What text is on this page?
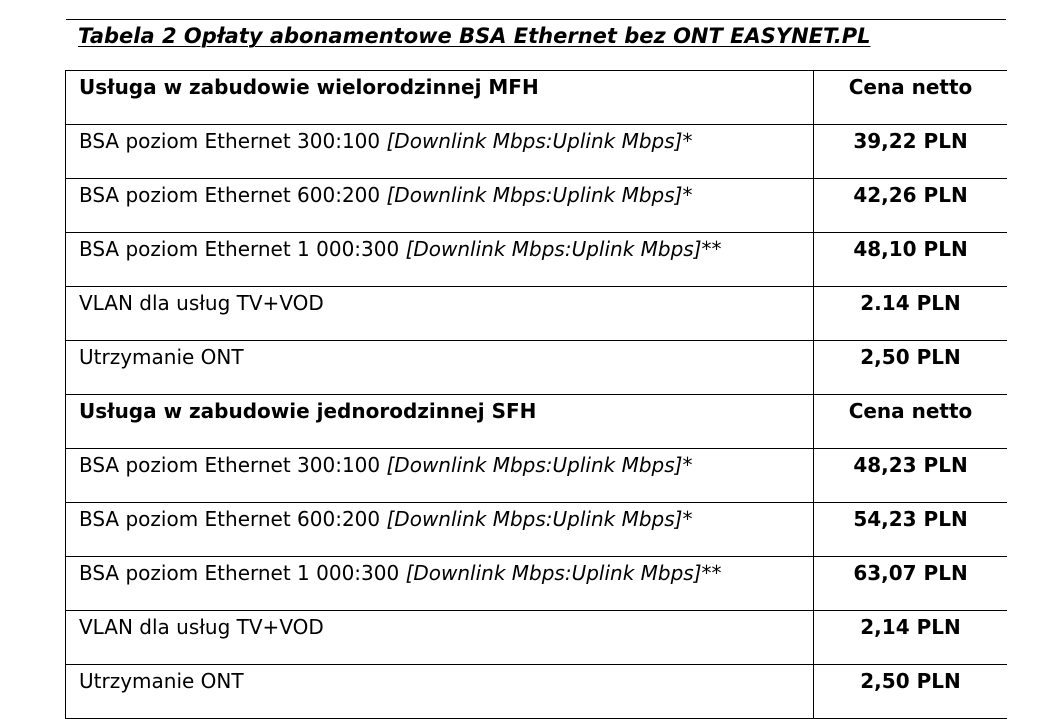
Tabela 2 Opłaty abonamentowe BSA Ethernet bez ONT EASYNET.PL
Usługa w zabudowie wielorodzinnej MFH	Cena netto
BSA poziom Ethernet 300:100 [Downlink Mbps:Uplink Mbps]*	39,22 PLN
BSA poziom Ethernet 600:200 [Downlink Mbps:Uplink Mbps]*	42,26 PLN
BSA poziom Ethernet 1 000:300 [Downlink Mbps:Uplink Mbps]**	48,10 PLN
VLAN dla usług TV+VOD	2.14 PLN
Utrzymanie ONT	2,50 PLN
Usługa w zabudowie jednorodzinnej SFH	Cena netto
BSA poziom Ethernet 300:100 [Downlink Mbps:Uplink Mbps]*	48,23 PLN
BSA poziom Ethernet 600:200 [Downlink Mbps:Uplink Mbps]*	54,23 PLN
BSA poziom Ethernet 1 000:300 [Downlink Mbps:Uplink Mbps]**	63,07 PLN
VLAN dla usług TV+VOD	2,14 PLN
Utrzymanie ONT	2,50 PLN
